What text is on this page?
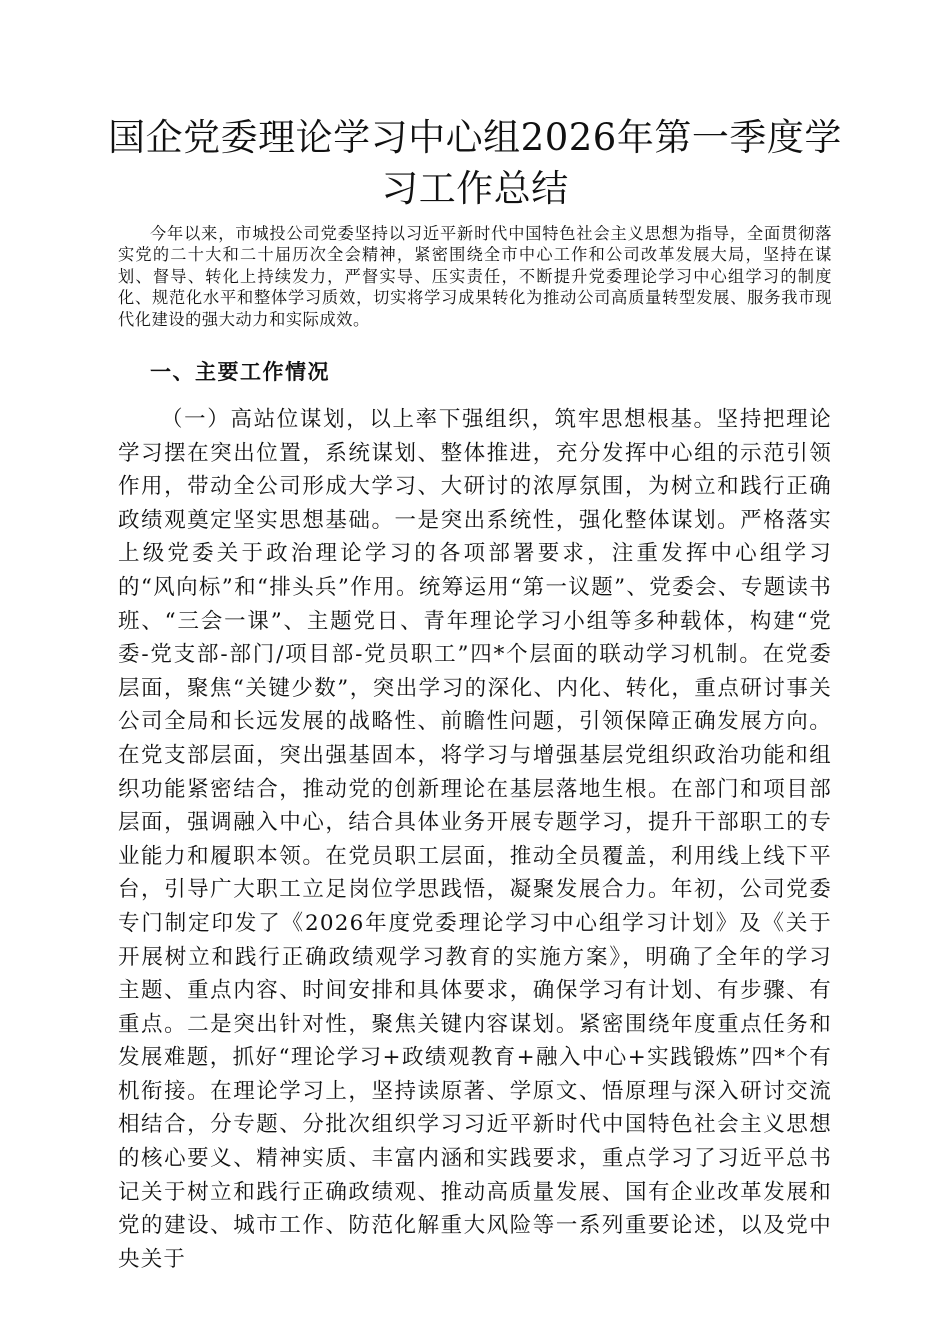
国企党委理论学习中心组2026年第一季度学习工作总结

今年以来，市城投公司党委坚持以习近平新时代中国特色社会主义思想为指导，全面贯彻落实党的二十大和二十届历次全会精神，紧密围绕全市中心工作和公司改革发展大局，坚持在谋划、督导、转化上持续发力，严督实导、压实责任，不断提升党委理论学习中心组学习的制度化、规范化水平和整体学习质效，切实将学习成果转化为推动公司高质量转型发展、服务我市现代化建设的强大动力和实际成效。

一、主要工作情况

（一）高站位谋划，以上率下强组织，筑牢思想根基。坚持把理论学习摆在突出位置，系统谋划、整体推进，充分发挥中心组的示范引领作用，带动全公司形成大学习、大研讨的浓厚氛围，为树立和践行正确政绩观奠定坚实思想基础。一是突出系统性，强化整体谋划。严格落实上级党委关于政治理论学习的各项部署要求，注重发挥中心组学习的“风向标”和“排头兵”作用。统筹运用“第一议题”、党委会、专题读书班、“三会一课”、主题党日、青年理论学习小组等多种载体，构建“党委-党支部-部门/项目部-党员职工”四*个层面的联动学习机制。在党委层面，聚焦“关键少数”，突出学习的深化、内化、转化，重点研讨事关公司全局和长远发展的战略性、前瞻性问题，引领保障正确发展方向。在党支部层面，突出强基固本，将学习与增强基层党组织政治功能和组织功能紧密结合，推动党的创新理论在基层落地生根。在部门和项目部层面，强调融入中心，结合具体业务开展专题学习，提升干部职工的专业能力和履职本领。在党员职工层面，推动全员覆盖，利用线上线下平台，引导广大职工立足岗位学思践悟，凝聚发展合力。年初，公司党委专门制定印发了《2026年度党委理论学习中心组学习计划》及《关于开展树立和践行正确政绩观学习教育的实施方案》，明确了全年的学习主题、重点内容、时间安排和具体要求，确保学习有计划、有步骤、有重点。二是突出针对性，聚焦关键内容谋划。紧密围绕年度重点任务和发展难题，抓好“理论学习+政绩观教育+融入中心+实践锻炼”四*个有机衔接。在理论学习上，坚持读原著、学原文、悟原理与深入研讨交流相结合，分专题、分批次组织学习习近平新时代中国特色社会主义思想的核心要义、精神实质、丰富内涵和实践要求，重点学习了习近平总书记关于树立和践行正确政绩观、推动高质量发展、国有企业改革发展和党的建设、城市工作、防范化解重大风险等一系列重要论述，以及党中央关于
